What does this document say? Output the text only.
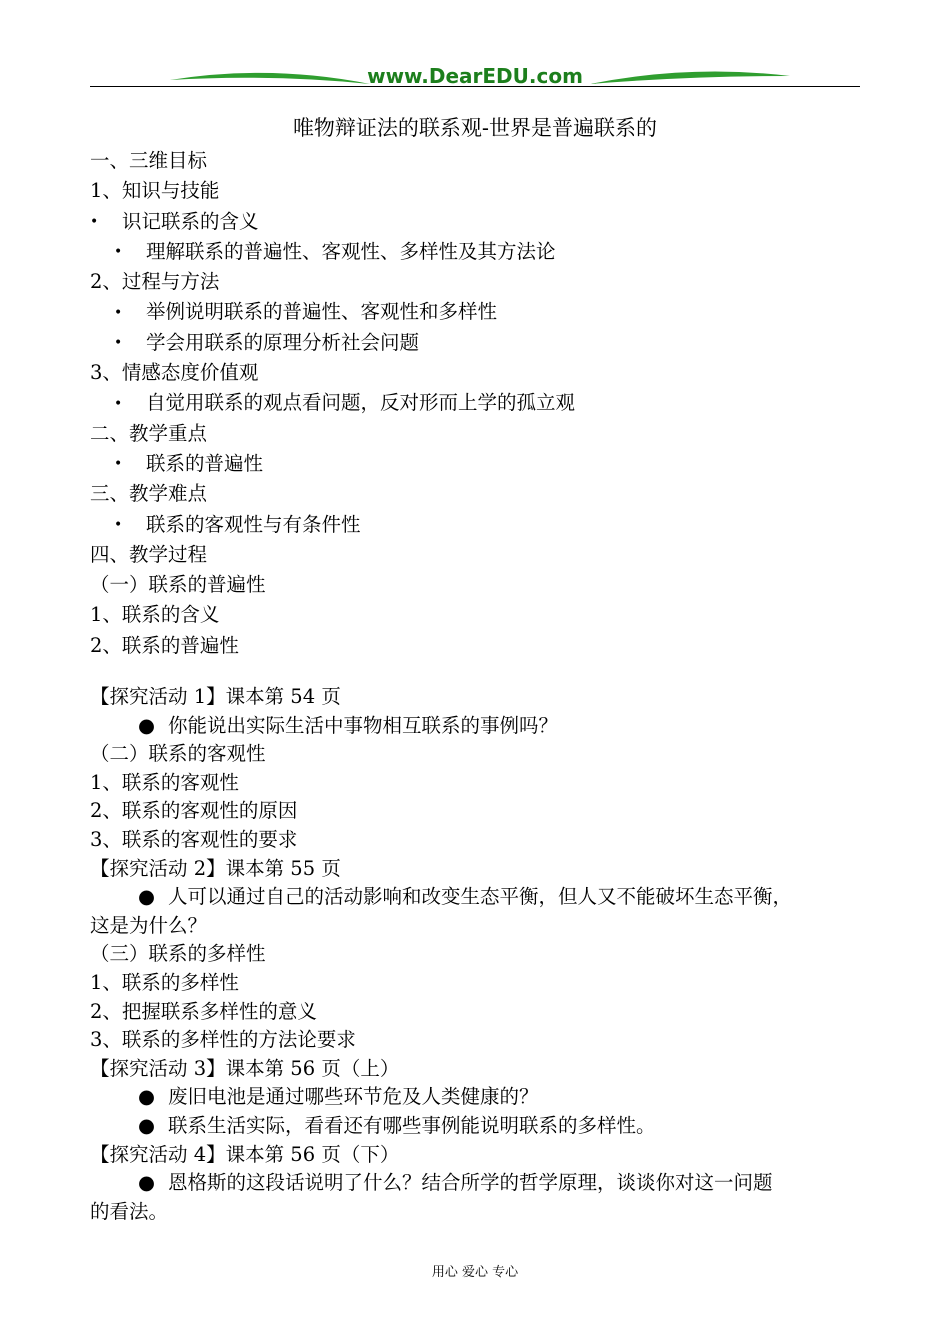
www.DearEDU.com
唯物辩证法的联系观-世界是普遍联系的
一、三维目标
1、知识与技能
• 识记联系的含义
• 理解联系的普遍性、客观性、多样性及其方法论
2、过程与方法
• 举例说明联系的普遍性、客观性和多样性
• 学会用联系的原理分析社会问题
3、情感态度价值观
• 自觉用联系的观点看问题，反对形而上学的孤立观
二、教学重点
• 联系的普遍性
三、教学难点
• 联系的客观性与有条件性
四、教学过程
（一）联系的普遍性
1、联系的含义
2、联系的普遍性
【探究活动 1】课本第 54 页
● 你能说出实际生活中事物相互联系的事例吗？
（二）联系的客观性
1、联系的客观性
2、联系的客观性的原因
3、联系的客观性的要求
【探究活动 2】课本第 55 页
● 人可以通过自己的活动影响和改变生态平衡，但人又不能破坏生态平衡，
这是为什么？
（三）联系的多样性
1、联系的多样性
2、把握联系多样性的意义
3、联系的多样性的方法论要求
【探究活动 3】课本第 56 页（上）
● 废旧电池是通过哪些环节危及人类健康的？
● 联系生活实际，看看还有哪些事例能说明联系的多样性。
【探究活动 4】课本第 56 页（下）
● 恩格斯的这段话说明了什么？结合所学的哲学原理，谈谈你对这一问题
的看法。
用心 爱心 专心
